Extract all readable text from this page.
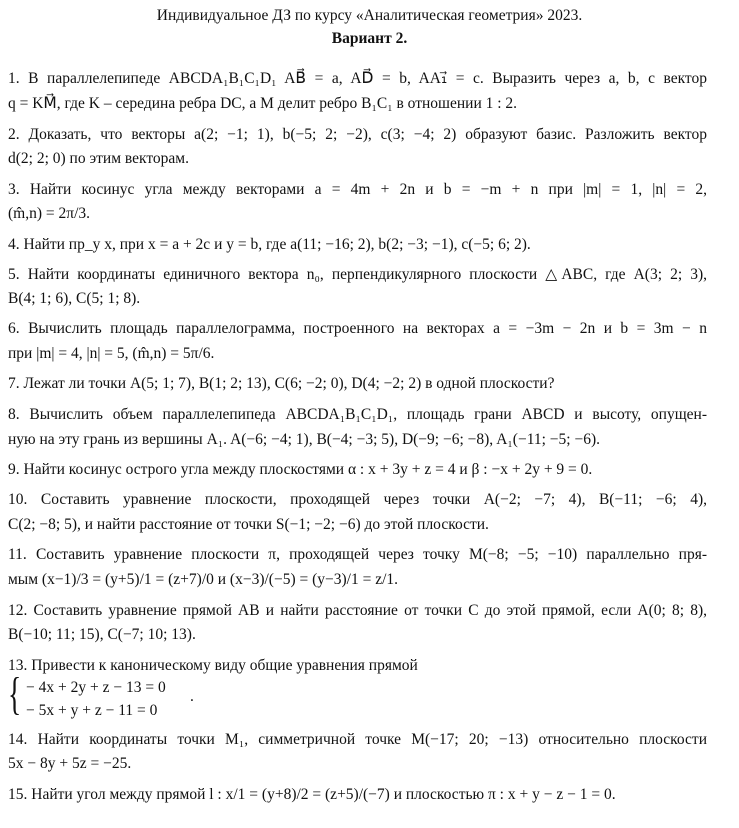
Индивидуальное ДЗ по курсу «Аналитическая геометрия» 2023.
Вариант 2.
1. В параллелепипеде ABCDA₁B₁C₁D₁ AB⃗ = a, AD⃗ = b, AA₁⃗ = c. Выразить через a, b, c вектор
q = KM⃗, где K – середина ребра DC, а M делит ребро B₁C₁ в отношении 1 : 2.
2. Доказать, что векторы a(2; −1; 1), b(−5; 2; −2), c(3; −4; 2) образуют базис. Разложить вектор
d(2; 2; 0) по этим векторам.
3. Найти косинус угла между векторами a = 4m + 2n и b = −m + n при |m| = 1, |n| = 2,
(m̂,n) = 2π/3.
4. Найти пр_y x, при x = a + 2c и y = b, где a(11; −16; 2), b(2; −3; −1), c(−5; 6; 2).
5. Найти координаты единичного вектора n₀, перпендикулярного плоскости △ABC, где A(3; 2; 3),
B(4; 1; 6), C(5; 1; 8).
6. Вычислить площадь параллелограмма, построенного на векторах a = −3m − 2n и b = 3m − n
при |m| = 4, |n| = 5, (m̂,n) = 5π/6.
7. Лежат ли точки A(5; 1; 7), B(1; 2; 13), C(6; −2; 0), D(4; −2; 2) в одной плоскости?
8. Вычислить объем параллелепипеда ABCDA₁B₁C₁D₁, площадь грани ABCD и высоту, опущен-
ную на эту грань из вершины A₁. A(−6; −4; 1), B(−4; −3; 5), D(−9; −6; −8), A₁(−11; −5; −6).
9. Найти косинус острого угла между плоскостями α : x + 3y + z = 4 и β : −x + 2y + 9 = 0.
10. Составить уравнение плоскости, проходящей через точки A(−2; −7; 4), B(−11; −6; 4),
C(2; −8; 5), и найти расстояние от точки S(−1; −2; −6) до этой плоскости.
11. Составить уравнение плоскости π, проходящей через точку M(−8; −5; −10) параллельно пря-
мым (x−1)/3 = (y+5)/1 = (z+7)/0 и (x−3)/(−5) = (y−3)/1 = z/1.
12. Составить уравнение прямой AB и найти расстояние от точки C до этой прямой, если A(0; 8; 8),
B(−10; 11; 15), C(−7; 10; 13).
13. Привести к каноническому виду общие уравнения прямой
{ − 4x + 2y + z − 13 = 0
− 5x + y + z − 11 = 0
.
14. Найти координаты точки M₁, симметричной точке M(−17; 20; −13) относительно плоскости
5x − 8y + 5z = −25.
15. Найти угол между прямой l : x/1 = (y+8)/2 = (z+5)/(−7) и плоскостью π : x + y − z − 1 = 0.
